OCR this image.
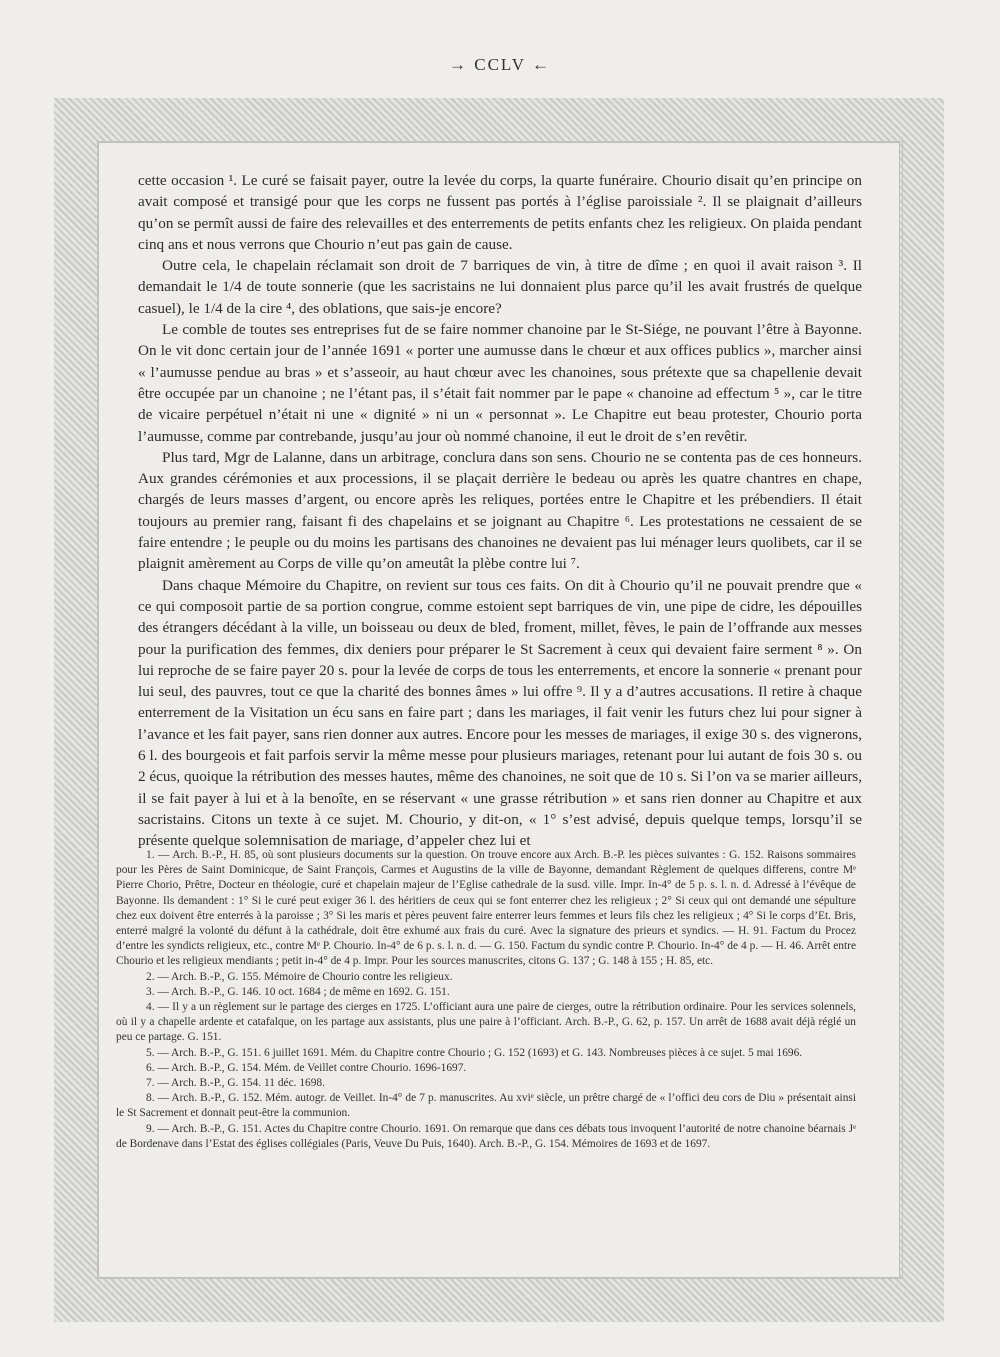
→ CCLV ←

cette occasion ¹. Le curé se faisait payer, outre la levée du corps, la quarte funéraire. Chourio disait qu’en principe on avait composé et transigé pour que les corps ne fussent pas portés à l’église paroissiale ². Il se plaignait d’ailleurs qu’on se permît aussi de faire des relevailles et des enterrements de petits enfants chez les religieux. On plaida pendant cinq ans et nous verrons que Chourio n’eut pas gain de cause.

Outre cela, le chapelain réclamait son droit de 7 barriques de vin, à titre de dîme ; en quoi il avait raison ³. Il demandait le 1/4 de toute sonnerie (que les sacristains ne lui donnaient plus parce qu’il les avait frustrés de quelque casuel), le 1/4 de la cire ⁴, des oblations, que sais-je encore?

Le comble de toutes ses entreprises fut de se faire nommer chanoine par le St-Siége, ne pouvant l’être à Bayonne. On le vit donc certain jour de l’année 1691 « porter une aumusse dans le chœur et aux offices publics », marcher ainsi « l’aumusse pendue au bras » et s’asseoir, au haut chœur avec les chanoines, sous prétexte que sa chapellenie devait être occupée par un chanoine ; ne l’étant pas, il s’était fait nommer par le pape « chanoine ad effectum ⁵ », car le titre de vicaire perpétuel n’était ni une « dignité » ni un « personnat ». Le Chapitre eut beau protester, Chourio porta l’aumusse, comme par contrebande, jusqu’au jour où nommé chanoine, il eut le droit de s’en revêtir.

Plus tard, Mgr de Lalanne, dans un arbitrage, conclura dans son sens. Chourio ne se contenta pas de ces honneurs. Aux grandes cérémonies et aux processions, il se plaçait derrière le bedeau ou après les quatre chantres en chape, chargés de leurs masses d’argent, ou encore après les reliques, portées entre le Chapitre et les prébendiers. Il était toujours au premier rang, faisant fi des chapelains et se joignant au Chapitre ⁶. Les protestations ne cessaient de se faire entendre ; le peuple ou du moins les partisans des chanoines ne devaient pas lui ménager leurs quolibets, car il se plaignit amèrement au Corps de ville qu’on ameutât la plèbe contre lui ⁷.

Dans chaque Mémoire du Chapitre, on revient sur tous ces faits. On dit à Chourio qu’il ne pouvait prendre que « ce qui composoit partie de sa portion congrue, comme estoient sept barriques de vin, une pipe de cidre, les dépouilles des étrangers décédant à la ville, un boisseau ou deux de bled, froment, millet, fèves, le pain de l’offrande aux messes pour la purification des femmes, dix deniers pour préparer le St Sacrement à ceux qui devaient faire serment ⁸ ». On lui reproche de se faire payer 20 s. pour la levée de corps de tous les enterrements, et encore la sonnerie « prenant pour lui seul, des pauvres, tout ce que la charité des bonnes âmes » lui offre ⁹. Il y a d’autres accusations. Il retire à chaque enterrement de la Visitation un écu sans en faire part ; dans les mariages, il fait venir les futurs chez lui pour signer à l’avance et les fait payer, sans rien donner aux autres. Encore pour les messes de mariages, il exige 30 s. des vignerons, 6 l. des bourgeois et fait parfois servir la même messe pour plusieurs mariages, retenant pour lui autant de fois 30 s. ou 2 écus, quoique la rétribution des messes hautes, même des chanoines, ne soit que de 10 s. Si l’on va se marier ailleurs, il se fait payer à lui et à la benoîte, en se réservant « une grasse rétribution » et sans rien donner au Chapitre et aux sacristains. Citons un texte à ce sujet. M. Chourio, y dit-on, « 1° s’est advisé, depuis quelque temps, lorsqu’il se présente quelque solemnisation de mariage, d’appeler chez lui et

1. — Arch. B.-P., H. 85, où sont plusieurs documents sur la question. On trouve encore aux Arch. B.-P. les pièces suivantes : G. 152. Raisons sommaires pour les Pères de Saint Dominicque, de Saint François, Carmes et Augustins de la ville de Bayonne, demandant Règlement de quelques differens, contre Mᵉ Pierre Chorio, Prêtre, Docteur en théologie, curé et chapelain majeur de l’Eglise cathedrale de la susd. ville. Impr. In-4° de 5 p. s. l. n. d. Adressé à l’évêque de Bayonne. Ils demandent : 1° Si le curé peut exiger 36 l. des héritiers de ceux qui se font enterrer chez les religieux ; 2° Si ceux qui ont demandé une sépulture chez eux doivent être enterrés à la paroisse ; 3° Si les maris et pères peuvent faire enterrer leurs femmes et leurs fils chez les religieux ; 4° Si le corps d’Et. Bris, enterré malgré la volonté du défunt à la cathédrale, doit être exhumé aux frais du curé. Avec la signature des prieurs et syndics. — H. 91. Factum du Procez d’entre les syndicts religieux, etc., contre Mᵉ P. Chourio. In-4° de 6 p. s. l. n. d. — G. 150. Factum du syndic contre P. Chourio. In-4° de 4 p. — H. 46. Arrêt entre Chourio et les religieux mendiants ; petit in-4° de 4 p. Impr. Pour les sources manuscrites, citons G. 137 ; G. 148 à 155 ; H. 85, etc.

2. — Arch. B.-P., G. 155. Mémoire de Chourio contre les religieux.

3. — Arch. B.-P., G. 146. 10 oct. 1684 ; de même en 1692. G. 151.

4. — Il y a un règlement sur le partage des cierges en 1725. L’officiant aura une paire de cierges, outre la rétribution ordinaire. Pour les services solennels, où il y a chapelle ardente et catafalque, on les partage aux assistants, plus une paire à l’officiant. Arch. B.-P., G. 62, p. 157. Un arrêt de 1688 avait déjà réglé un peu ce partage. G. 151.

5. — Arch. B.-P., G. 151. 6 juillet 1691. Mém. du Chapitre contre Chourio ; G. 152 (1693) et G. 143. Nombreuses pièces à ce sujet. 5 mai 1696.

6. — Arch. B.-P., G. 154. Mém. de Veillet contre Chourio. 1696-1697.

7. — Arch. B.-P., G. 154. 11 déc. 1698.

8. — Arch. B.-P., G. 152. Mém. autogr. de Veillet. In-4° de 7 p. manuscrites. Au xviᵉ siècle, un prêtre chargé de « l’offici deu cors de Diu » présentait ainsi le St Sacrement et donnait peut-être la communion.

9. — Arch. B.-P., G. 151. Actes du Chapitre contre Chourio. 1691. On remarque que dans ces débats tous invoquent l’autorité de notre chanoine béarnais Jᵉ de Bordenave dans l’Estat des églises collégiales (Paris, Veuve Du Puis, 1640). Arch. B.-P., G. 154. Mémoires de 1693 et de 1697.
